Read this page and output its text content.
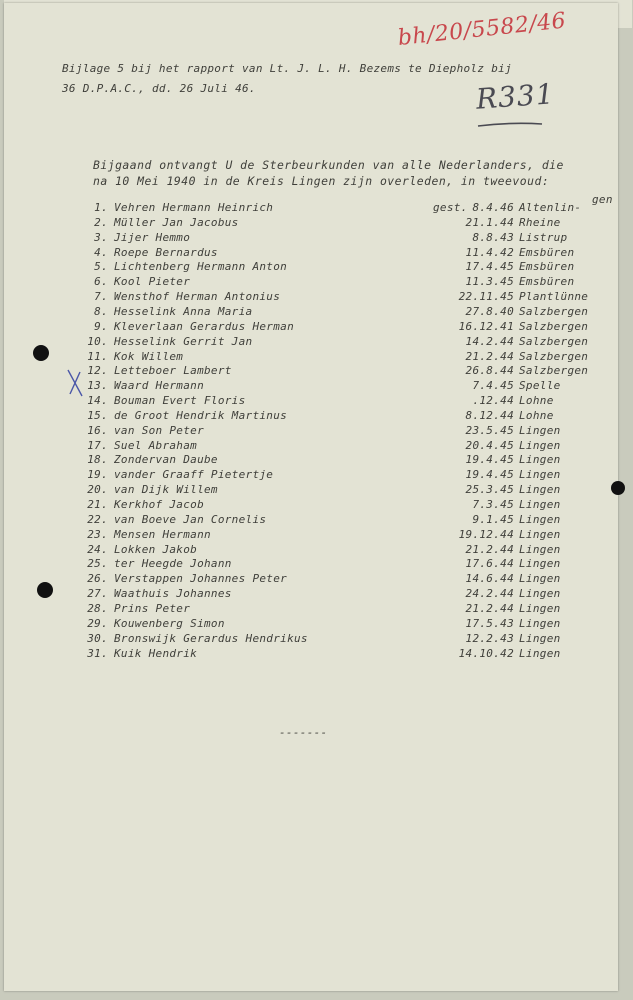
Bijlage 5 bij het rapport van Lt. J. L. H. Bezems te Diepholz bij
36 D.P.A.C., dd. 26 Juli 46.
bh/20/5582/46
R331
Bijgaand ontvangt U de Sterbeurkunden van alle Nederlanders, die
na 10 Mei 1940 in de Kreis Lingen zijn overleden, in tweevoud:
gen
1. Vehren Hermann Heinrich	gest. 8.4.46 Altenlin-
2. Müller Jan Jacobus	21.1.44 Rheine
3. Jijer Hemmo	8.8.43 Listrup
4. Roepe Bernardus	11.4.42 Emsbüren
5. Lichtenberg Hermann Anton	17.4.45 Emsbüren
6. Kool Pieter	11.3.45 Emsbüren
7. Wensthof Herman Antonius	22.11.45 Plantlünne
8. Hesselink Anna Maria	27.8.40 Salzbergen
9. Kleverlaan Gerardus Herman	16.12.41 Salzbergen
10. Hesselink Gerrit Jan	14.2.44 Salzbergen
11. Kok Willem	21.2.44 Salzbergen
12. Letteboer Lambert	26.8.44 Salzbergen
13. Waard Hermann	7.4.45 Spelle
14. Bouman Evert Floris	.12.44 Lohne
15. de Groot Hendrik Martinus	8.12.44 Lohne
16. van Son Peter	23.5.45 Lingen
17. Suel Abraham	20.4.45 Lingen
18. Zondervan Daube	19.4.45 Lingen
19. vander Graaff Pietertje	19.4.45 Lingen
20. van Dijk Willem	25.3.45 Lingen
21. Kerkhof Jacob	7.3.45 Lingen
22. van Boeve Jan Cornelis	9.1.45 Lingen
23. Mensen Hermann	19.12.44 Lingen
24. Lokken Jakob	21.2.44 Lingen
25. ter Heegde Johann	17.6.44 Lingen
26. Verstappen Johannes Peter	14.6.44 Lingen
27. Waathuis Johannes	24.2.44 Lingen
28. Prins Peter	21.2.44 Lingen
29. Kouwenberg Simon	17.5.43 Lingen
30. Bronswijk Gerardus Hendrikus	12.2.43 Lingen
31. Kuik Hendrik	14.10.42 Lingen
-------
